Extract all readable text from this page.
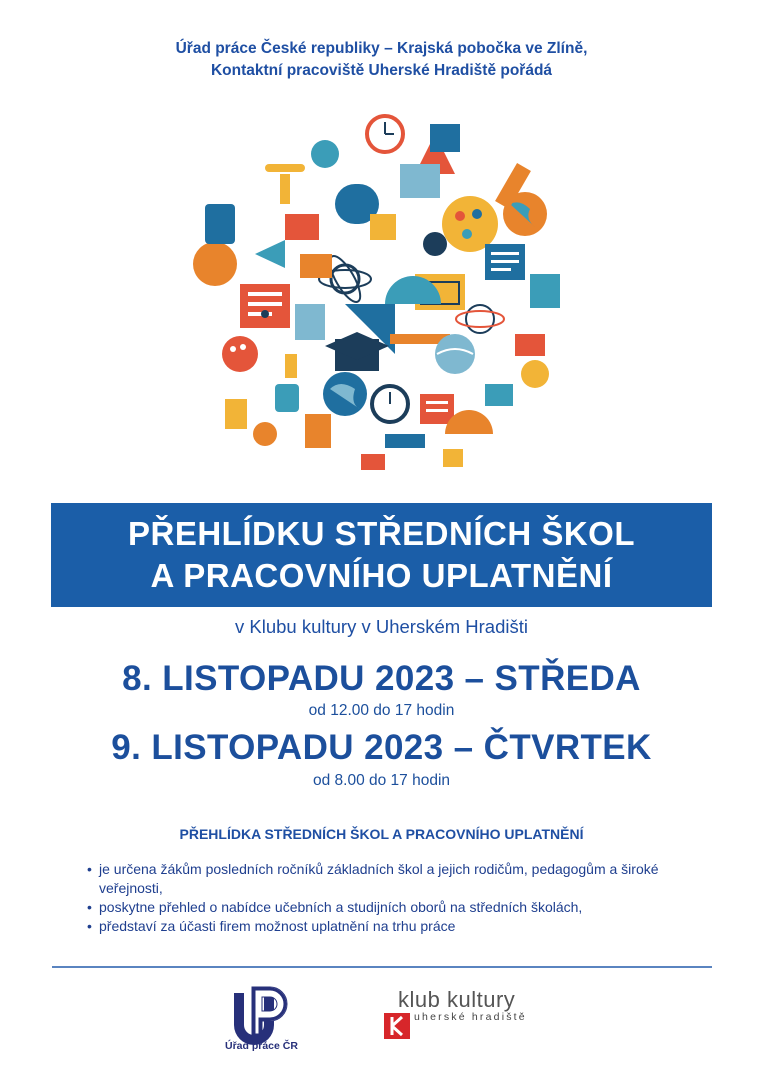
Úřad práce České republiky – Krajská pobočka ve Zlíně,
Kontaktní pracoviště Uherské Hradiště pořádá
PŘEHLÍDKU STŘEDNÍCH ŠKOL
A PRACOVNÍHO UPLATNĚNÍ
v Klubu kultury v Uherském Hradišti
8. LISTOPADU 2023 – STŘEDA
od 12.00 do 17 hodin
9. LISTOPADU 2023 – ČTVRTEK
od 8.00 do 17 hodin
PŘEHLÍDKA STŘEDNÍCH ŠKOL A PRACOVNÍHO UPLATNĚNÍ
• je určena žákům posledních ročníků základních škol a jejich rodičům, pedagogům a široké veřejnosti,
• poskytne přehled o nabídce učebních a studijních oborů na středních školách,
• představí za účasti firem možnost uplatnění na trhu práce
Úřad práce ČR
klub kultury
uherské hradiště
